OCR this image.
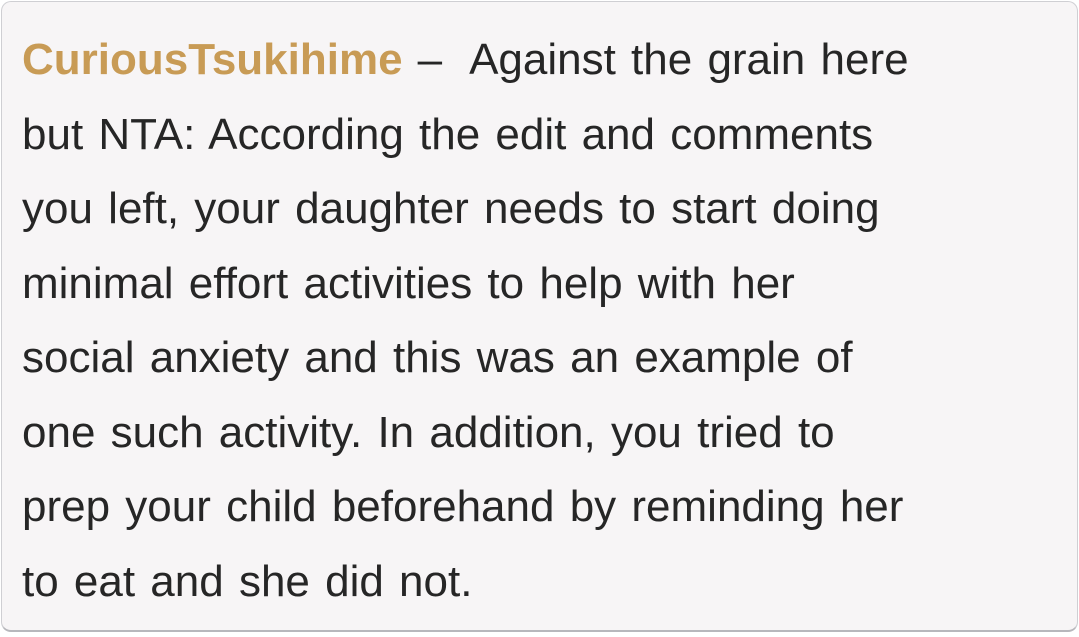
CuriousTsukihime – Against the grain here
but NTA: According the edit and comments
you left, your daughter needs to start doing
minimal effort activities to help with her
social anxiety and this was an example of
one such activity. In addition, you tried to
prep your child beforehand by reminding her
to eat and she did not.
